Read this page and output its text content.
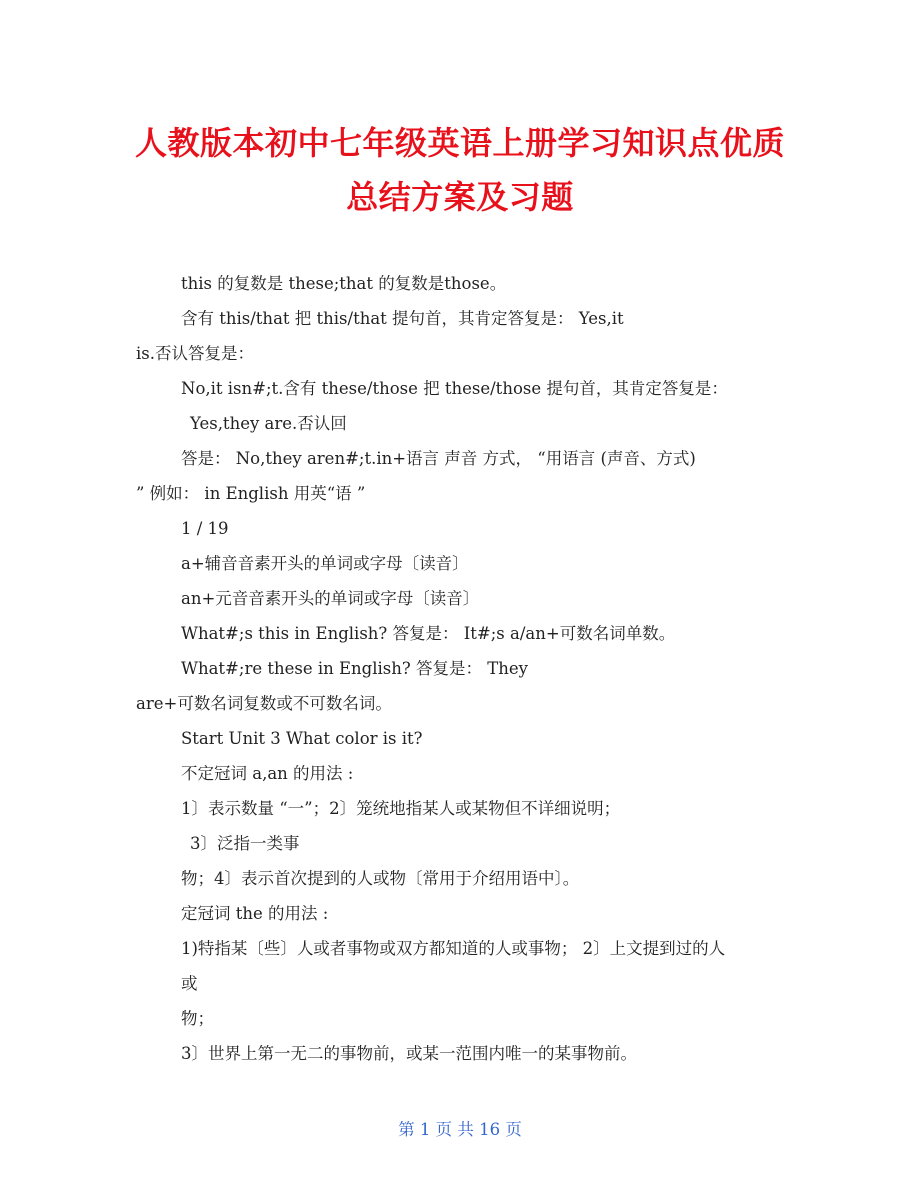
人教版本初中七年级英语上册学习知识点优质
总结方案及习题
this 的复数是 these;that 的复数是those。
含有 this/that 把 this/that 提句首，其肯定答复是： Yes,it
is.否认答复是：
No,it isn#;t.含有 these/those 把 these/those 提句首，其肯定答复是：
Yes,they are.否认回
答是： No,they aren#;t.in+语言 声音 方式， “用语言 (声音、方式)
” 例如： in English 用英“语 ”
1 / 19
a+辅音音素开头的单词或字母〔读音〕
an+元音音素开头的单词或字母〔读音〕
What#;s this in English? 答复是： It#;s a/an+可数名词单数。
What#;re these in English? 答复是： They
are+可数名词复数或不可数名词。
Start Unit 3 What color is it?
不定冠词 a,an 的用法 :
1〕表示数量 “一”；2〕笼统地指某人或某物但不详细说明；
3〕泛指一类事
物；4〕表示首次提到的人或物〔常用于介绍用语中〕。
定冠词 the 的用法 :
1)特指某〔些〕人或者事物或双方都知道的人或事物； 2〕上文提到过的人
或
物；
3〕世界上第一无二的事物前，或某一范围内唯一的某事物前。
第 1 页 共 16 页
